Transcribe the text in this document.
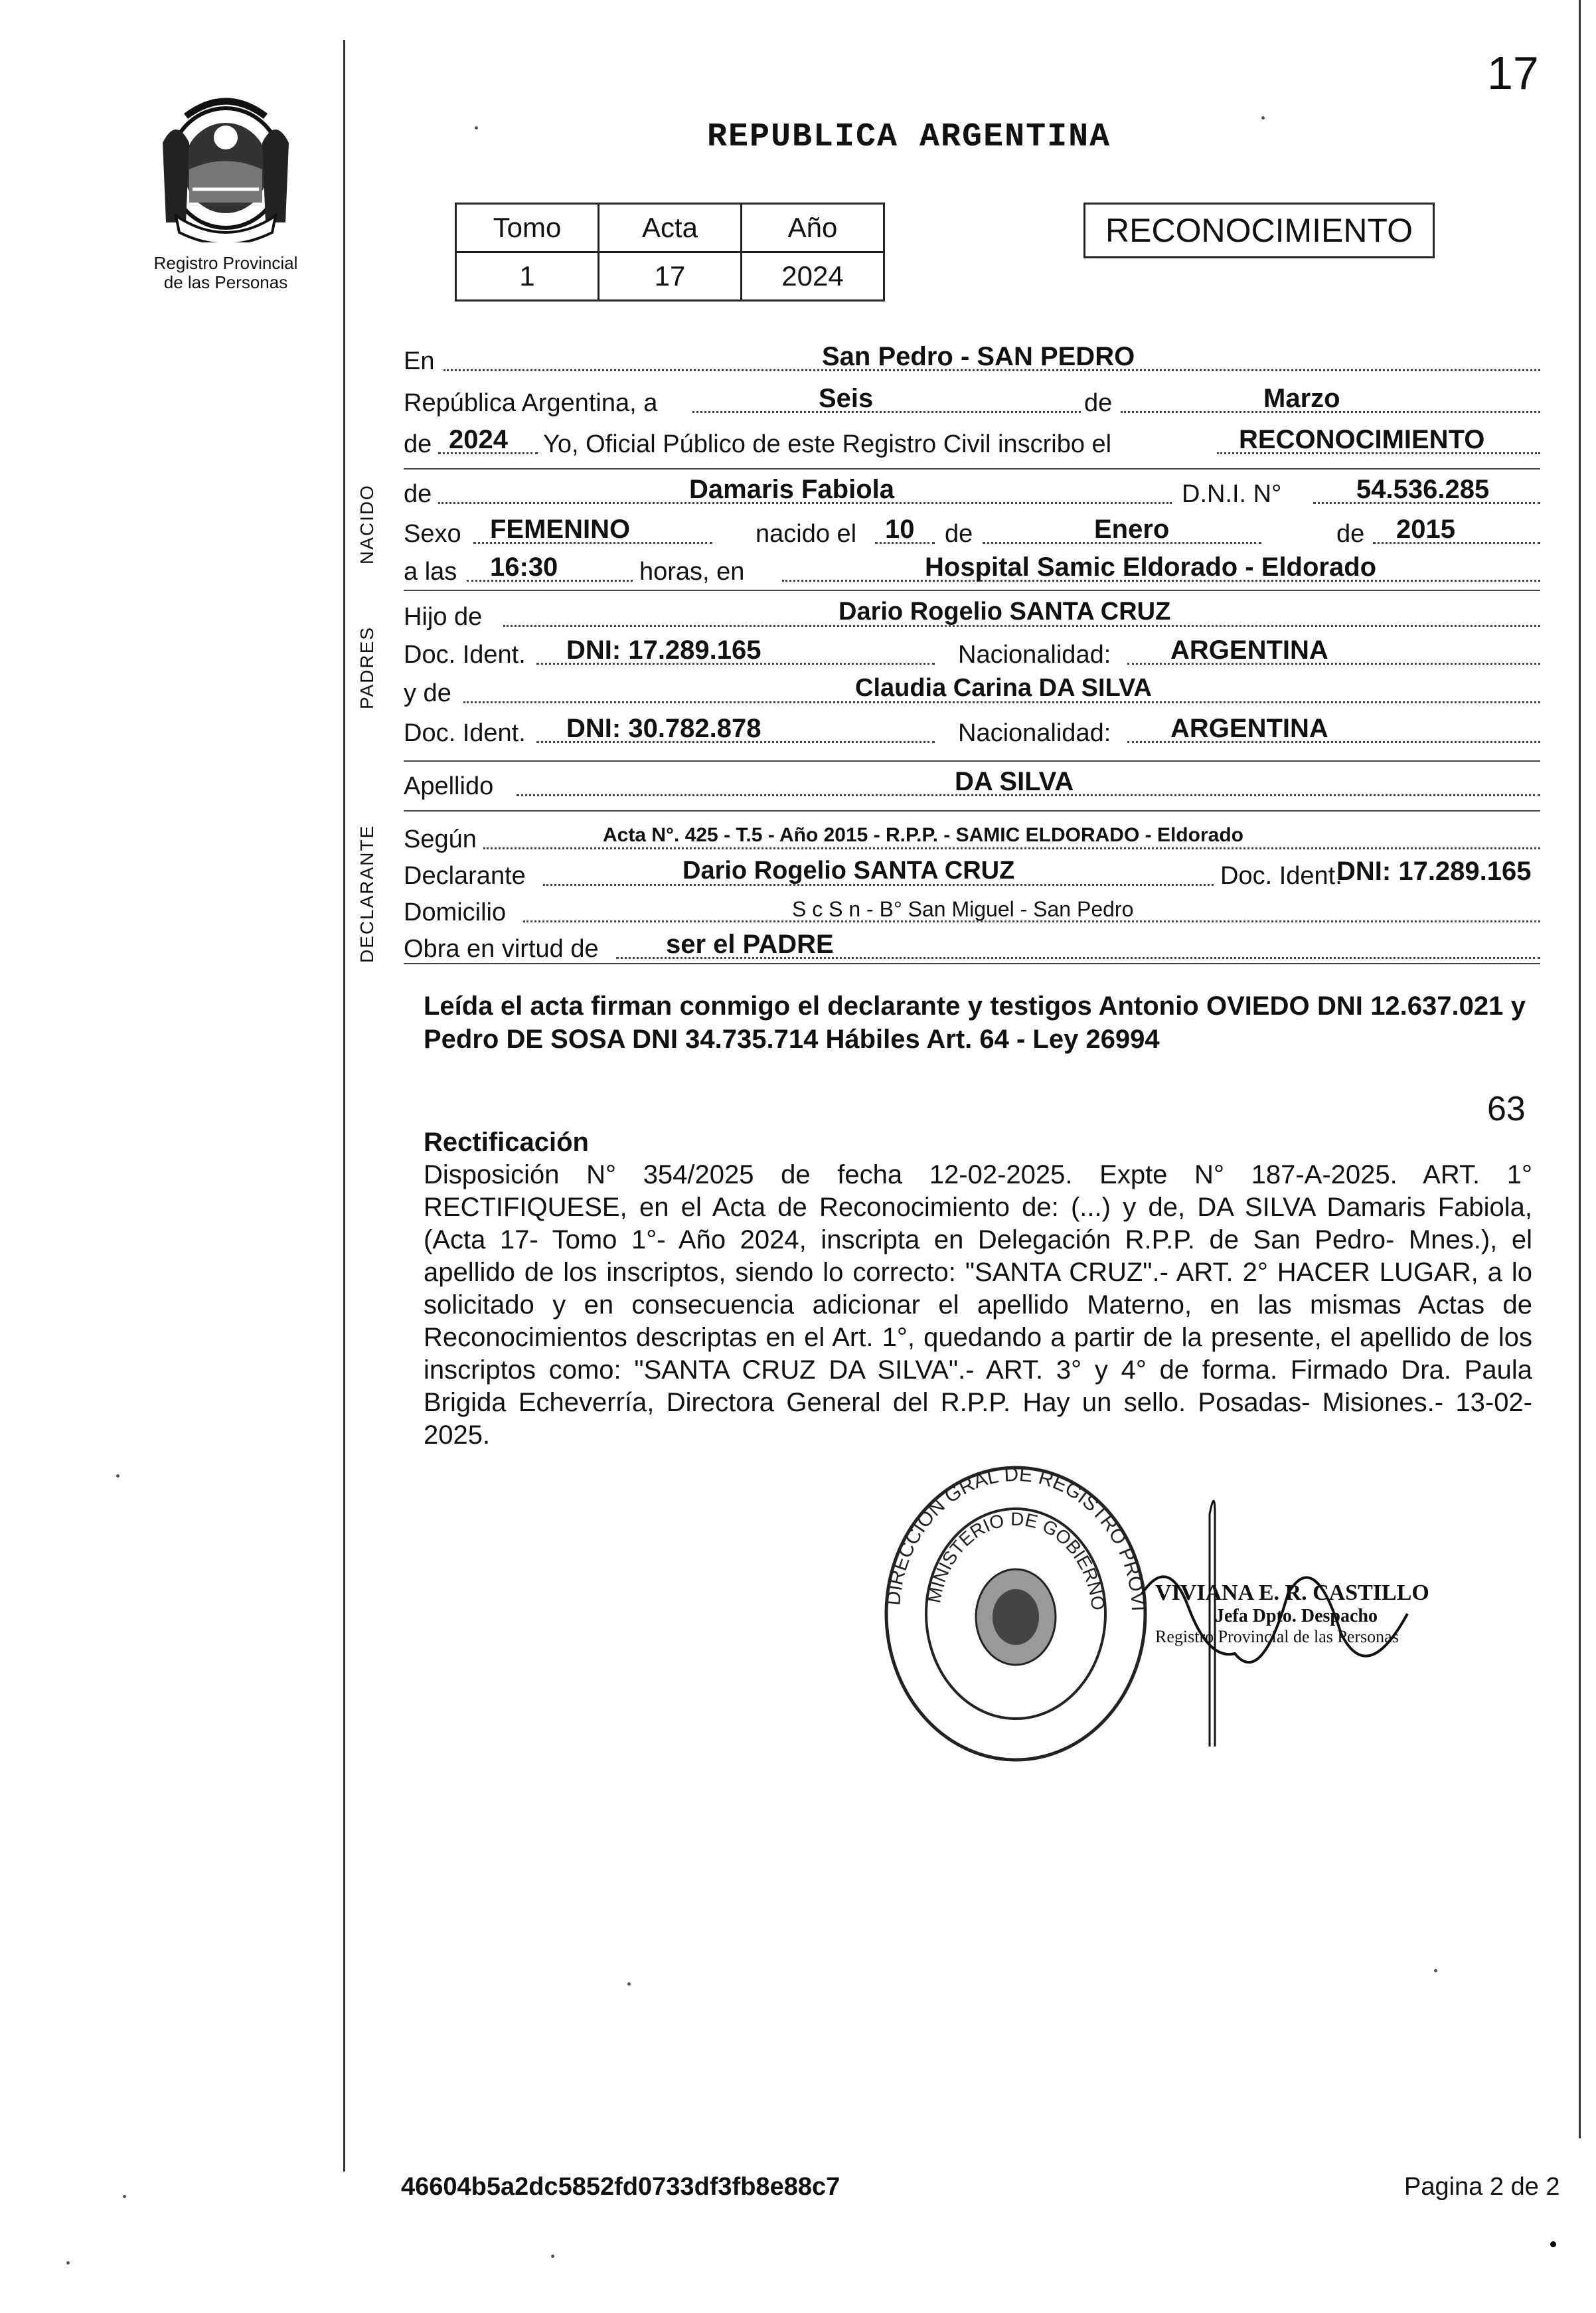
17
Registro Provincial
de las Personas
REPUBLICA ARGENTINA
Tomo	Acta	Año
1	17	2024
RECONOCIMIENTO
NACIDO
PADRES
DECLARANTE
En	San Pedro - SAN PEDRO
República Argentina, a	Seis	de	Marzo
de 2024 Yo, Oficial Público de este Registro Civil inscribo el	RECONOCIMIENTO
de	Damaris Fabiola	D.N.I. N°	54.536.285
Sexo FEMENINO	nacido el 10 de	Enero	de 2015
a las 16:30	horas, en	Hospital Samic Eldorado - Eldorado
Hijo de	Dario Rogelio SANTA CRUZ
Doc. Ident. DNI: 17.289.165	Nacionalidad: ARGENTINA
y de	Claudia Carina DA SILVA
Doc. Ident. DNI: 30.782.878	Nacionalidad: ARGENTINA
Apellido	DA SILVA
Según	Acta N°. 425 - T.5 - Año 2015 - R.P.P. - SAMIC ELDORADO - Eldorado
Declarante	Dario Rogelio SANTA CRUZ	Doc. Ident.
DNI: 17.289.165
Domicilio	S c S n - B° San Miguel - San Pedro
Obra en virtud de	ser el PADRE
Leída el acta firman conmigo el declarante y testigos Antonio OVIEDO DNI 12.637.021 y Pedro DE SOSA DNI 34.735.714 Hábiles Art. 64 - Ley 26994
63
Rectificación
Disposición N° 354/2025 de fecha 12-02-2025. Expte N° 187-A-2025. ART. 1° RECTIFIQUESE, en el Acta de Reconocimiento de: (...) y de, DA SILVA Damaris Fabiola, (Acta 17- Tomo 1°- Año 2024, inscripta en Delegación R.P.P. de San Pedro- Mnes.), el apellido de los inscriptos, siendo lo correcto: "SANTA CRUZ".- ART. 2° HACER LUGAR, a lo solicitado y en consecuencia adicionar el apellido Materno, en las mismas Actas de Reconocimientos descriptas en el Art. 1°, quedando a partir de la presente, el apellido de los inscriptos como: "SANTA CRUZ DA SILVA".- ART. 3° y 4° de forma. Firmado Dra. Paula Brigida Echeverría, Directora General del R.P.P. Hay un sello. Posadas- Misiones.- 13-02-2025.
DIRECCION GRAL DE REGISTRO PROVI
MINISTERIO DE GOBIERNO VIVIANA E. R. CASTILLO
Jefa Dpto. Despacho
Registro Provincial de las Personas
46604b5a2dc5852fd0733df3fb8e88c7	Pagina 2 de 2
